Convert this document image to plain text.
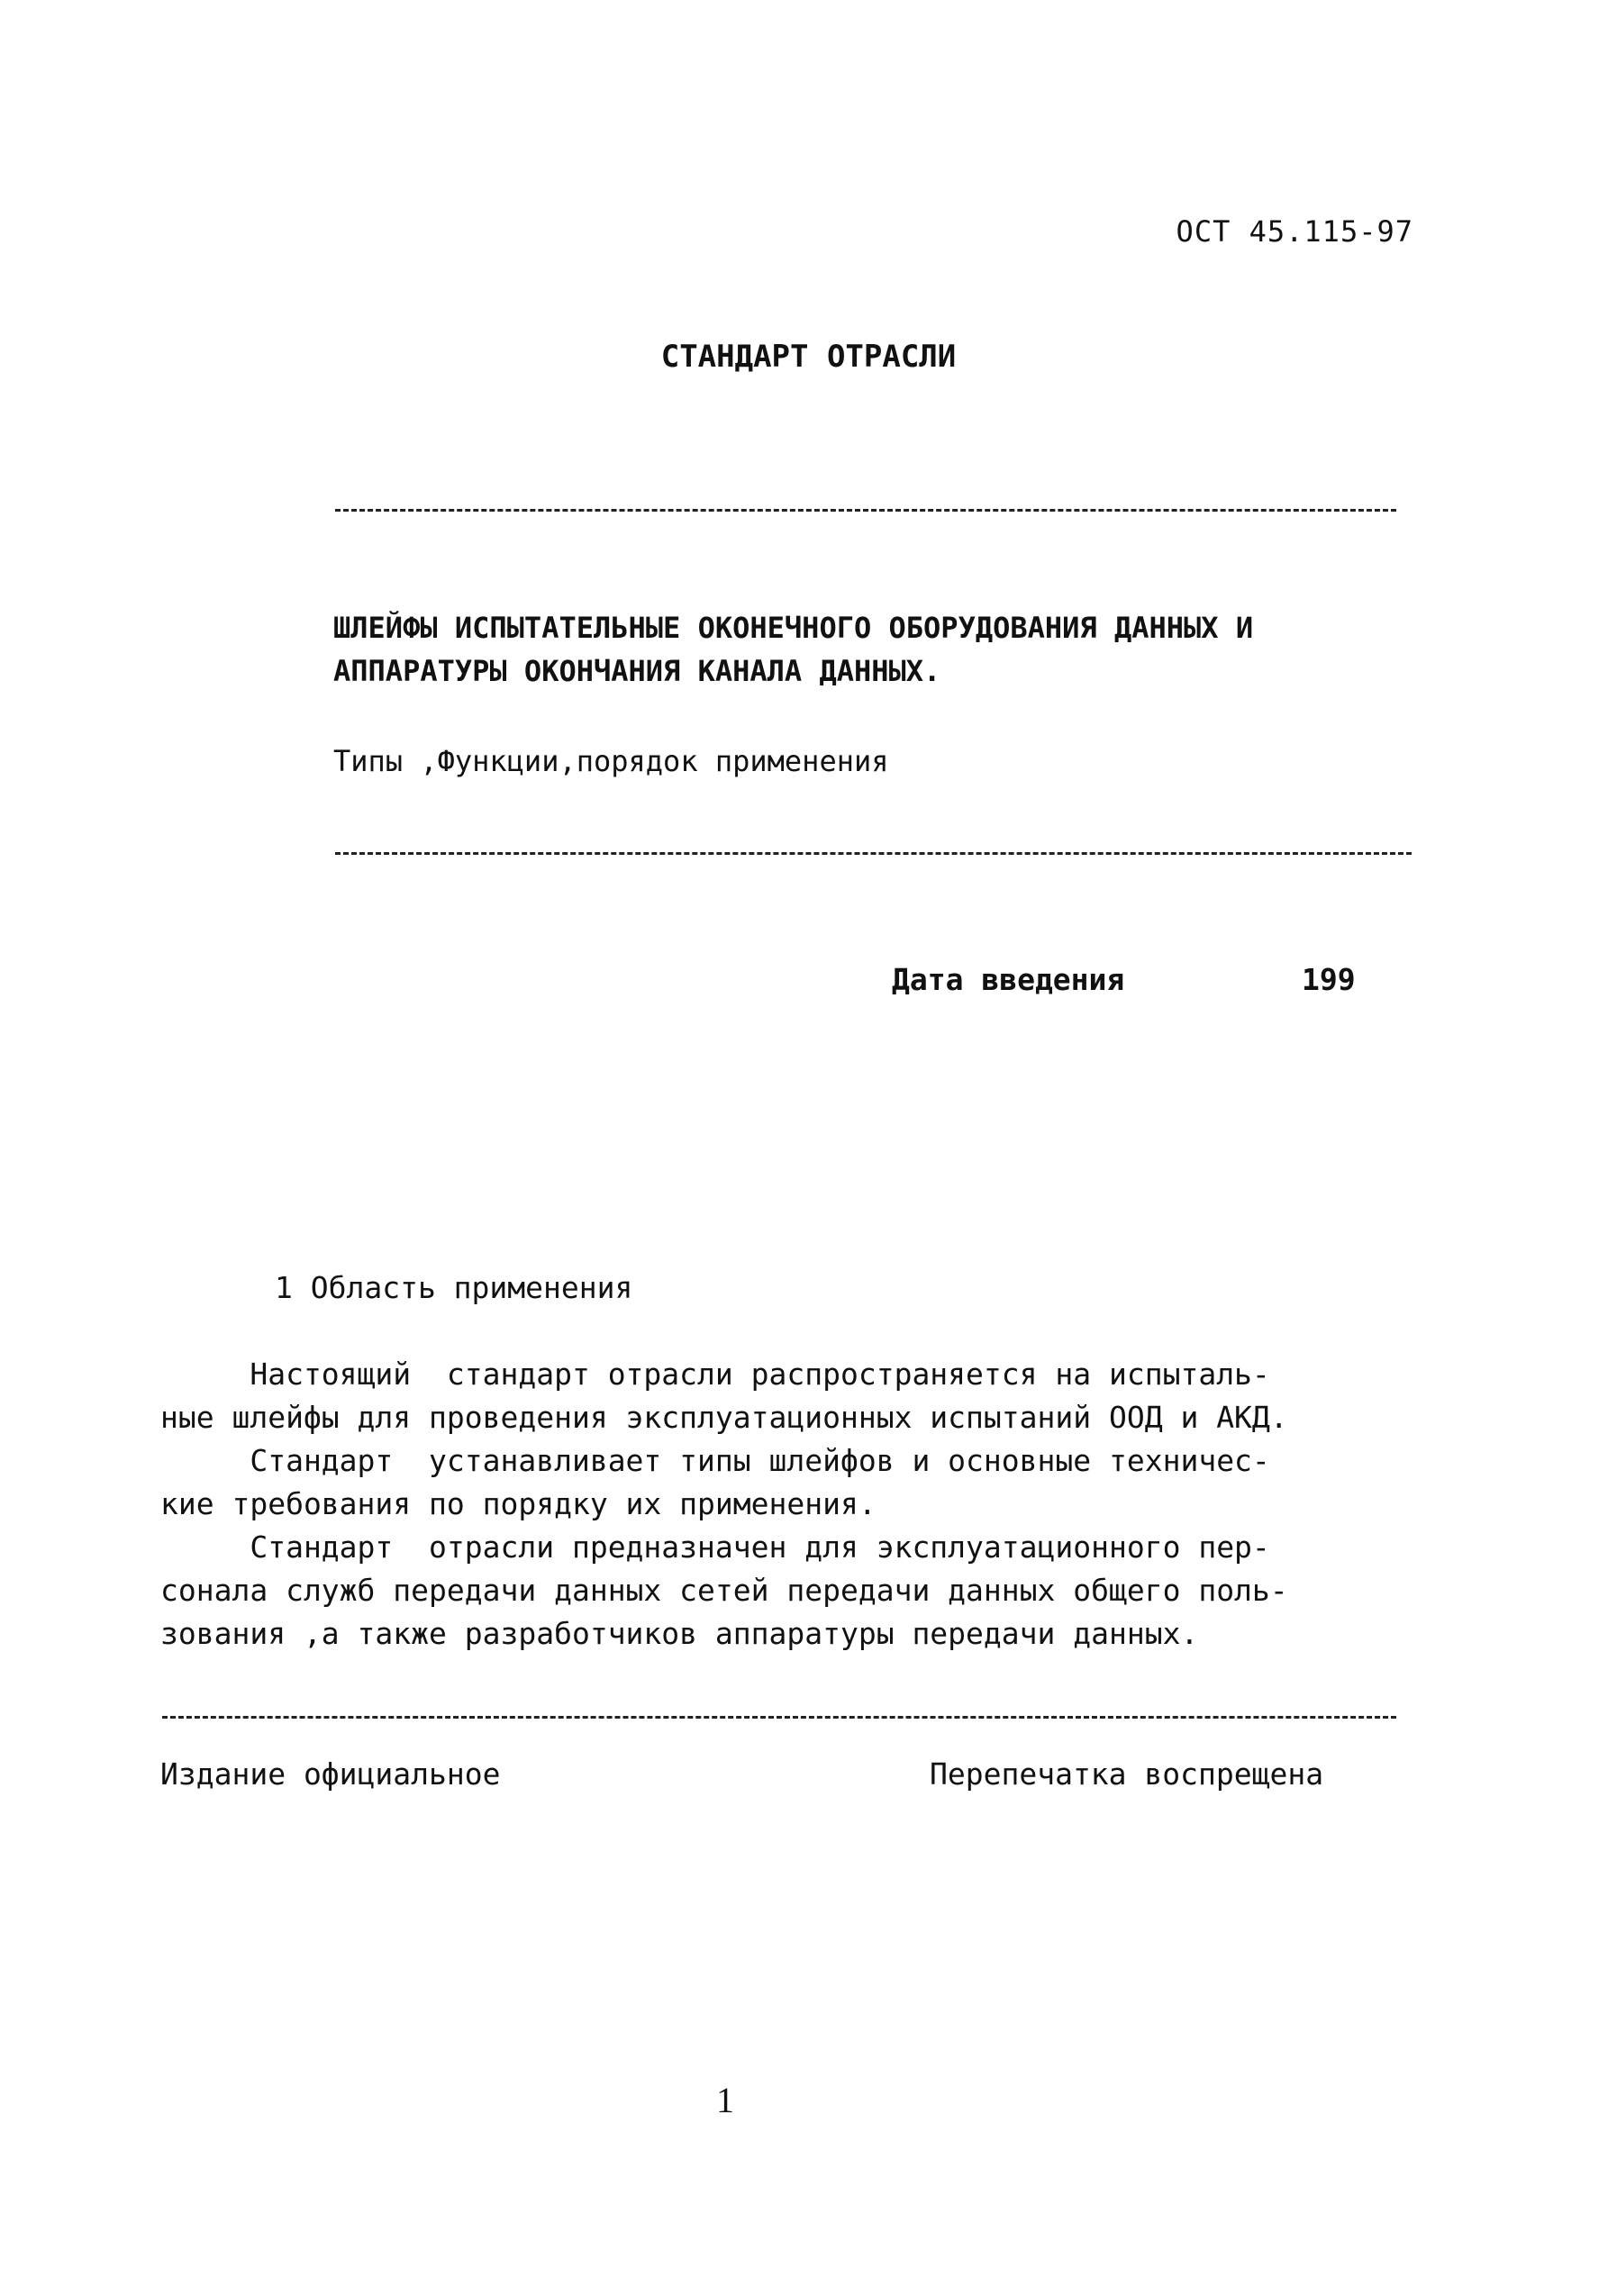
ОСТ 45.115-97
СТАНДАРТ ОТРАСЛИ
ШЛЕЙФЫ ИСПЫТАТЕЛЬНЫЕ ОКОНЕЧНОГО ОБОРУДОВАНИЯ ДАННЫХ И
АППАРАТУРЫ ОКОНЧАНИЯ КАНАЛА ДАННЫХ.
Типы ,Функции,порядок применения
Дата введения	199
1 Область применения
Настоящий  стандарт отрасли распространяется на испыталь-
ные шлейфы для проведения эксплуатационных испытаний ООД и АКД.
Стандарт  устанавливает типы шлейфов и основные техничес-
кие требования по порядку их применения.
Стандарт  отрасли предназначен для эксплуатационного пер-
сонала служб передачи данных сетей передачи данных общего поль-
зования ,а также разработчиков аппаратуры передачи данных.
Издание официальное	Перепечатка воспрещена
1
